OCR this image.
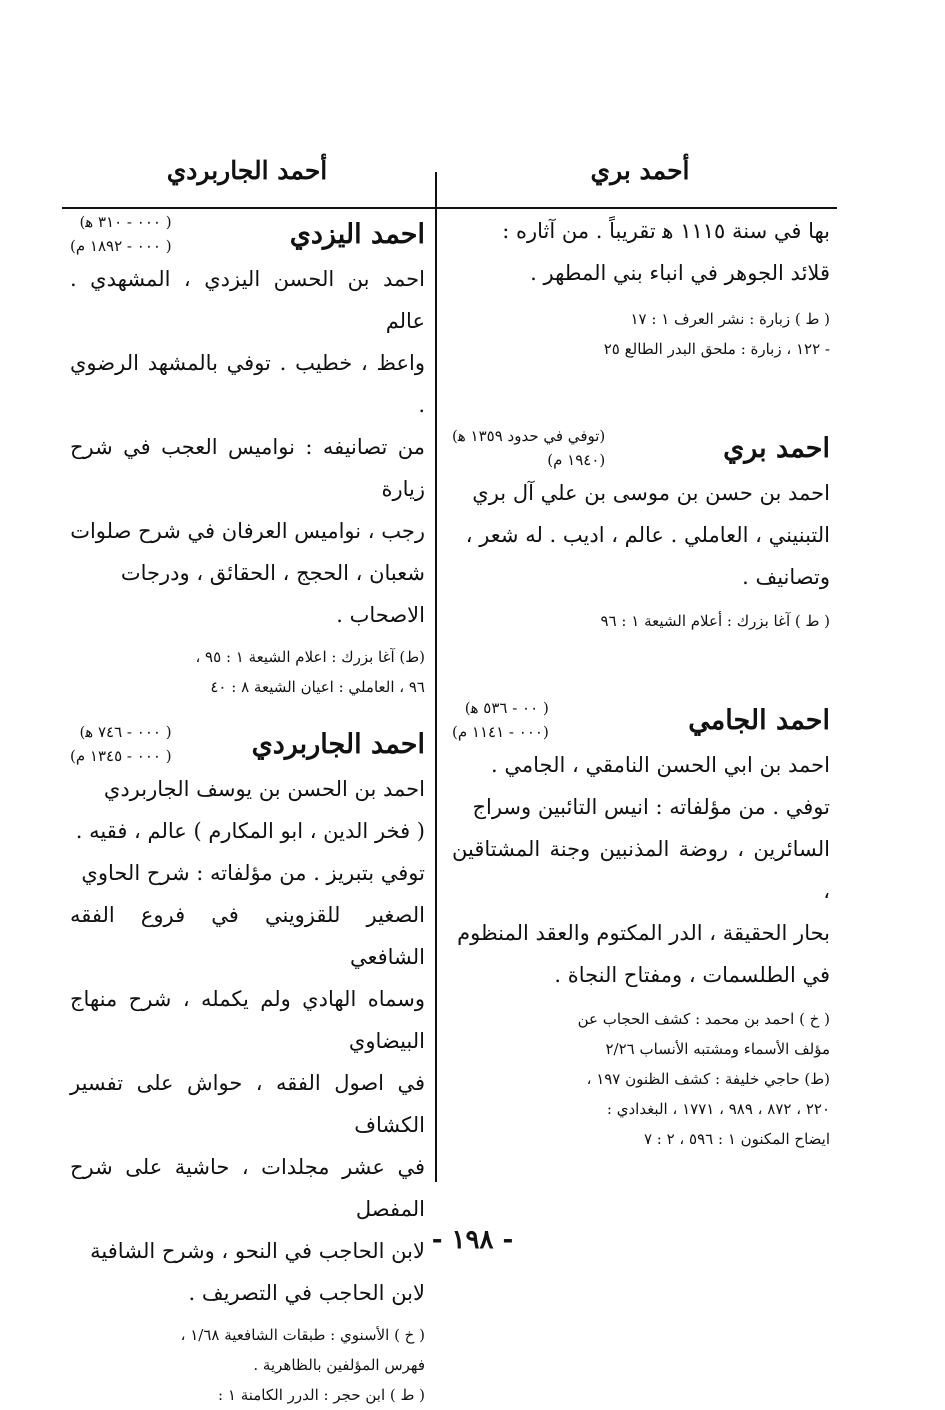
أحمد بري
أحمد الجاربردي

بها في سنة ١١١٥ ﻫ تقريباً . من آثاره :

قلائد الجوهر في انباء بني المطهر .

( ط ) زبارة : نشر العرف ١ : ١٧

- ١٢٢ ، زبارة : ملحق البدر الطالع ٢٥

احمد بري
(توفي في حدود ١٣٥٩ ﻫ)
(١٩٤٠ م)

احمد بن حسن بن موسى بن علي آل بري

التبنيني ، العاملي . عالم ، اديب . له شعر ،

وتصانيف .

( ط ) آغا بزرك : أعلام الشيعة ١ : ٩٦

احمد الجامي
( ٠٠ - ٥٣٦ ﻫ)
(٠٠٠ - ١١٤١ م)

احمد بن ابي الحسن النامقي ، الجامي .

توفي . من مؤلفاته : انيس التائبين وسراج

السائرين ، روضة المذنبين وجنة المشتاقين ،

بحار الحقيقة ، الدر المكتوم والعقد المنظوم

في الطلسمات ، ومفتاح النجاة .

( خ ) احمد بن محمد : كشف الحجاب عن

مؤلف الأسماء ومشتبه الأنساب ٢/٢٦

(ط) حاجي خليفة : كشف الظنون ١٩٧ ،

٢٢٠ ، ٨٧٢ ، ٩٨٩ ، ١٧٧١ ، البغدادي :

ايضاح المكنون ١ : ٥٩٦ ، ٢ : ٧

احمد اليزدي
( ٠٠٠ - ٣١٠ ﻫ)
( ٠٠٠ - ١٨٩٢ م)

احمد بن الحسن اليزدي ، المشهدي . عالم

واعظ ، خطيب . توفي بالمشهد الرضوي .

من تصانيفه : نواميس العجب في شرح زيارة

رجب ، نواميس العرفان في شرح صلوات

شعبان ، الحجج ، الحقائق ، ودرجات

الاصحاب .

(ط) آغا بزرك : اعلام الشيعة ١ : ٩٥ ،

٩٦ ، العاملي : اعيان الشيعة ٨ : ٤٠

احمد الجاربردي
( ٠٠٠ - ٧٤٦ ﻫ)
( ٠٠٠ - ١٣٤٥ م)

احمد بن الحسن بن يوسف الجاربردي

( فخر الدين ، ابو المكارم ) عالم ، فقيه .

توفي بتبريز . من مؤلفاته : شرح الحاوي

الصغير للقزويني في فروع الفقه الشافعي

وسماه الهادي ولم يكمله ، شرح منهاج البيضاوي

في اصول الفقه ، حواش على تفسير الكشاف

في عشر مجلدات ، حاشية على شرح المفصل

لابن الحاجب في النحو ، وشرح الشافية

لابن الحاجب في التصريف .

( خ ) الأسنوي : طبقات الشافعية ١/٦٨ ،

فهرس المؤلفين بالظاهرية .

( ط ) ابن حجر : الدرر الكامنة ١ :

- ١٩٨ -
